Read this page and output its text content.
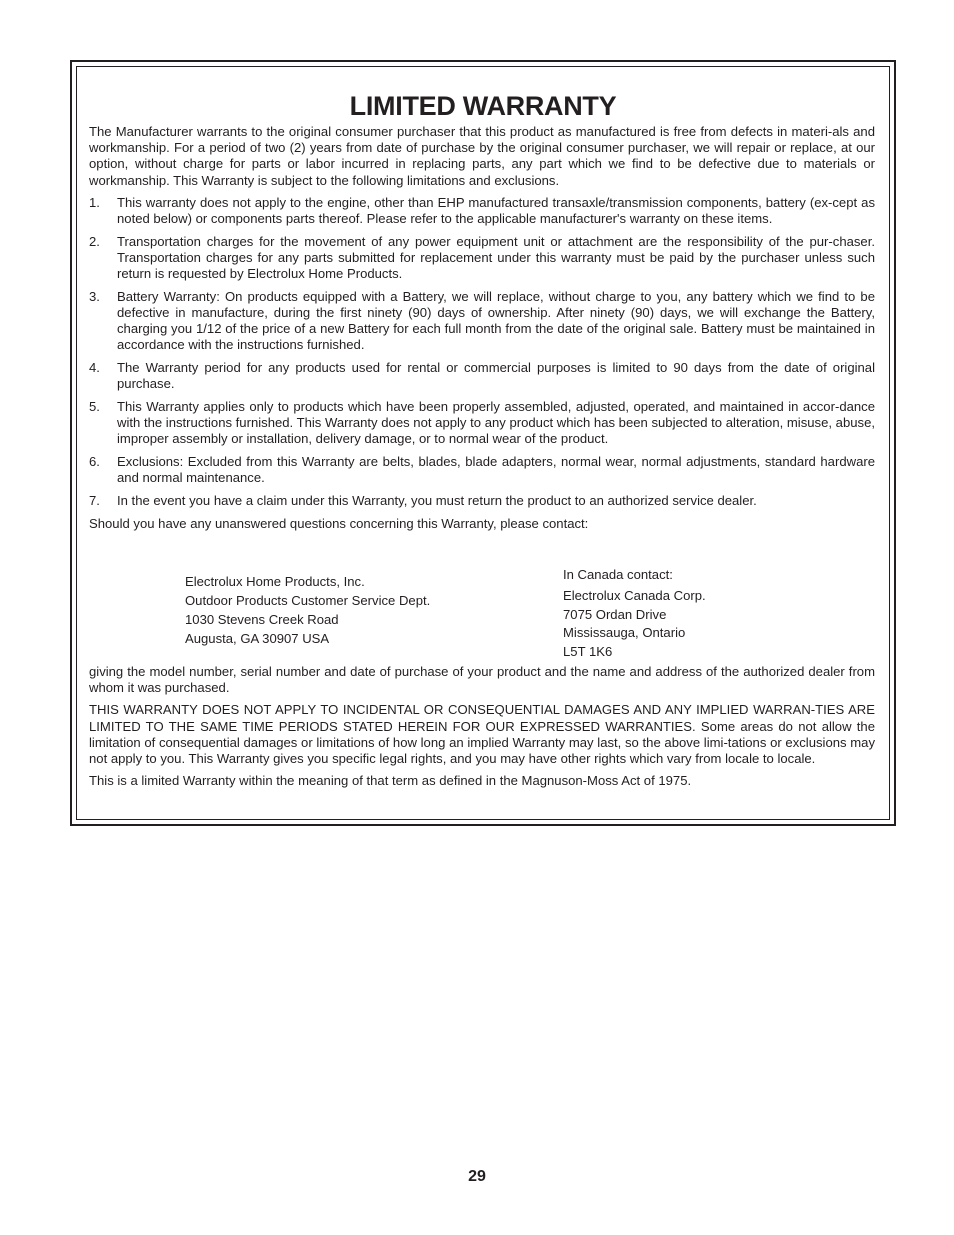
LIMITED WARRANTY

The Manufacturer warrants to the original consumer purchaser that this product as manufactured is free from defects in materi-als and workmanship. For a period of two (2) years from date of purchase by the original consumer purchaser, we will repair or replace, at our option, without charge for parts or labor incurred in replacing parts, any part which we find to be defective due to materials or workmanship. This Warranty is subject to the following limitations and exclusions.

1. This warranty does not apply to the engine, other than EHP manufactured transaxle/transmission components, battery (ex-cept as noted below) or components parts thereof. Please refer to the applicable manufacturer's warranty on these items.
2. Transportation charges for the movement of any power equipment unit or attachment are the responsibility of the pur-chaser. Transportation charges for any parts submitted for replacement under this warranty must be paid by the purchaser unless such return is requested by Electrolux Home Products.
3. Battery Warranty: On products equipped with a Battery, we will replace, without charge to you, any battery which we find to be defective in manufacture, during the first ninety (90) days of ownership. After ninety (90) days, we will exchange the Battery, charging you 1/12 of the price of a new Battery for each full month from the date of the original sale. Battery must be maintained in accordance with the instructions furnished.
4. The Warranty period for any products used for rental or commercial purposes is limited to 90 days from the date of original purchase.
5. This Warranty applies only to products which have been properly assembled, adjusted, operated, and maintained in accor-dance with the instructions furnished. This Warranty does not apply to any product which has been subjected to alteration, misuse, abuse, improper assembly or installation, delivery damage, or to normal wear of the product.
6. Exclusions: Excluded from this Warranty are belts, blades, blade adapters, normal wear, normal adjustments, standard hardware and normal maintenance.
7. In the event you have a claim under this Warranty, you must return the product to an authorized service dealer.

Should you have any unanswered questions concerning this Warranty, please contact:

Electrolux Home Products, Inc.
Outdoor Products Customer Service Dept.
1030 Stevens Creek Road
Augusta, GA 30907 USA
In Canada contact:
Electrolux Canada Corp.
7075 Ordan Drive
Mississauga, Ontario
L5T 1K6

giving the model number, serial number and date of purchase of your product and the name and address of the authorized dealer from whom it was purchased.

THIS WARRANTY DOES NOT APPLY TO INCIDENTAL OR CONSEQUENTIAL DAMAGES AND ANY IMPLIED WARRAN-TIES ARE LIMITED TO THE SAME TIME PERIODS STATED HEREIN FOR OUR EXPRESSED WARRANTIES. Some areas do not allow the limitation of consequential damages or limitations of how long an implied Warranty may last, so the above limi-tations or exclusions may not apply to you. This Warranty gives you specific legal rights, and you may have other rights which vary from locale to locale.

This is a limited Warranty within the meaning of that term as defined in the Magnuson-Moss Act of 1975.

29
